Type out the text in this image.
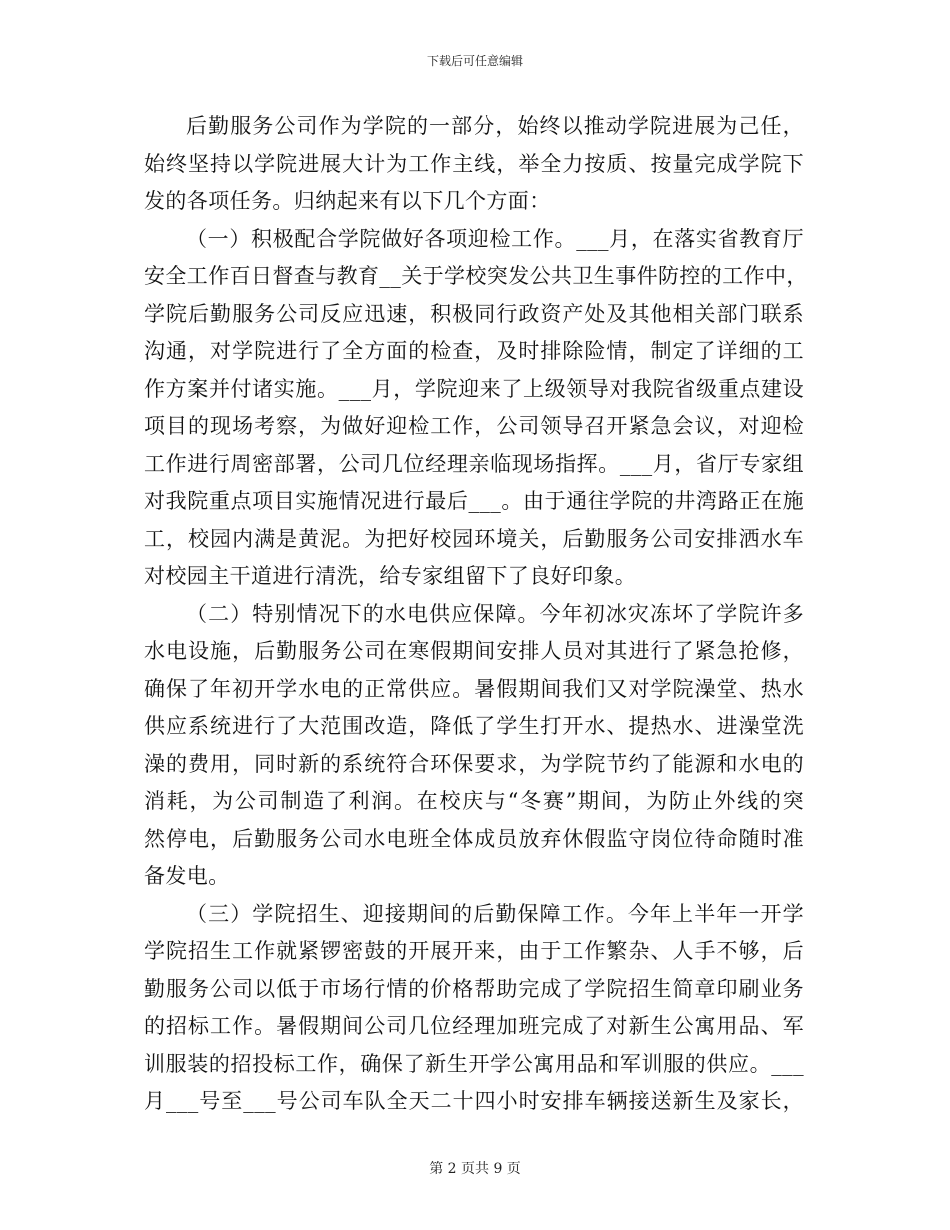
下载后可任意编辑

后勤服务公司作为学院的一部分，始终以推动学院进展为己任，
始终坚持以学院进展大计为工作主线，举全力按质、按量完成学院下
发的各项任务。归纳起来有以下几个方面：

（一）积极配合学院做好各项迎检工作。___月，在落实省教育厅
安全工作百日督查与教育__关于学校突发公共卫生事件防控的工作中，
学院后勤服务公司反应迅速，积极同行政资产处及其他相关部门联系
沟通，对学院进行了全方面的检查，及时排除险情，制定了详细的工
作方案并付诸实施。___月，学院迎来了上级领导对我院省级重点建设
项目的现场考察，为做好迎检工作，公司领导召开紧急会议，对迎检
工作进行周密部署，公司几位经理亲临现场指挥。___月，省厅专家组
对我院重点项目实施情况进行最后___。由于通往学院的井湾路正在施
工，校园内满是黄泥。为把好校园环境关，后勤服务公司安排洒水车
对校园主干道进行清洗，给专家组留下了良好印象。

（二）特别情况下的水电供应保障。今年初冰灾冻坏了学院许多
水电设施，后勤服务公司在寒假期间安排人员对其进行了紧急抢修，
确保了年初开学水电的正常供应。暑假期间我们又对学院澡堂、热水
供应系统进行了大范围改造，降低了学生打开水、提热水、进澡堂洗
澡的费用，同时新的系统符合环保要求，为学院节约了能源和水电的
消耗，为公司制造了利润。在校庆与“冬赛”期间，为防止外线的突
然停电，后勤服务公司水电班全体成员放弃休假监守岗位待命随时准
备发电。

（三）学院招生、迎接期间的后勤保障工作。今年上半年一开学
学院招生工作就紧锣密鼓的开展开来，由于工作繁杂、人手不够，后
勤服务公司以低于市场行情的价格帮助完成了学院招生简章印刷业务
的招标工作。暑假期间公司几位经理加班完成了对新生公寓用品、军
训服装的招投标工作，确保了新生开学公寓用品和军训服的供应。___
月___号至___号公司车队全天二十四小时安排车辆接送新生及家长，

第 2 页共 9 页
